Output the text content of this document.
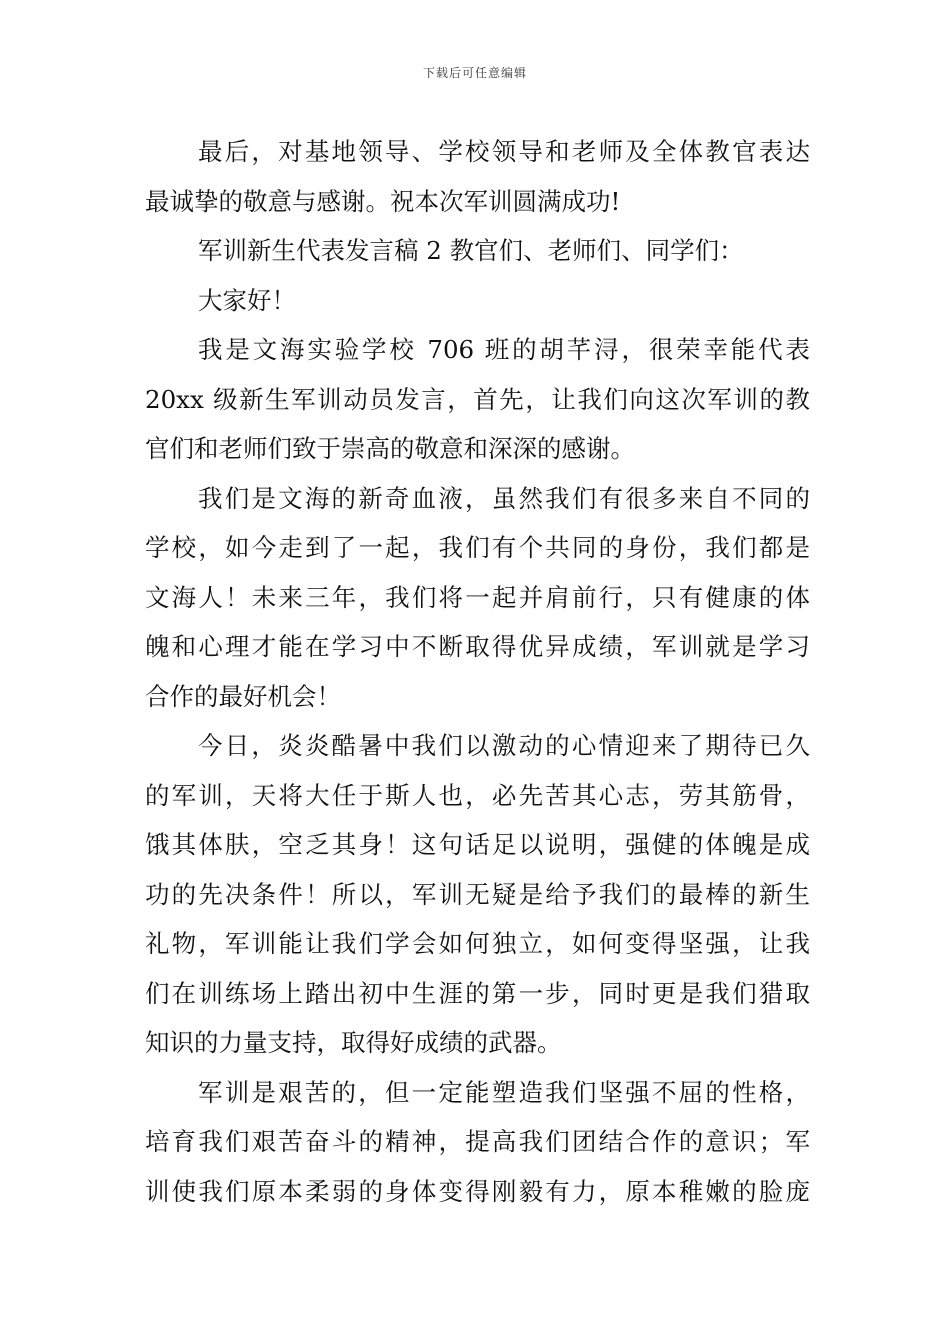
下载后可任意编辑
最后，对基地领导、学校领导和老师及全体教官表达
最诚挚的敬意与感谢。祝本次军训圆满成功!
军训新生代表发言稿 2 教官们、老师们、同学们：
大家好！
我是文海实验学校 706 班的胡芊浔，很荣幸能代表
20xx 级新生军训动员发言，首先，让我们向这次军训的教
官们和老师们致于崇高的敬意和深深的感谢。
我们是文海的新奇血液，虽然我们有很多来自不同的
学校，如今走到了一起，我们有个共同的身份，我们都是
文海人！未来三年，我们将一起并肩前行，只有健康的体
魄和心理才能在学习中不断取得优异成绩，军训就是学习
合作的最好机会！
今日，炎炎酷暑中我们以激动的心情迎来了期待已久
的军训，天将大任于斯人也，必先苦其心志，劳其筋骨，
饿其体肤，空乏其身！这句话足以说明，强健的体魄是成
功的先决条件！所以，军训无疑是给予我们的最棒的新生
礼物，军训能让我们学会如何独立，如何变得坚强，让我
们在训练场上踏出初中生涯的第一步，同时更是我们猎取
知识的力量支持，取得好成绩的武器。
军训是艰苦的，但一定能塑造我们坚强不屈的性格，
培育我们艰苦奋斗的精神，提高我们团结合作的意识；军
训使我们原本柔弱的身体变得刚毅有力，原本稚嫩的脸庞
